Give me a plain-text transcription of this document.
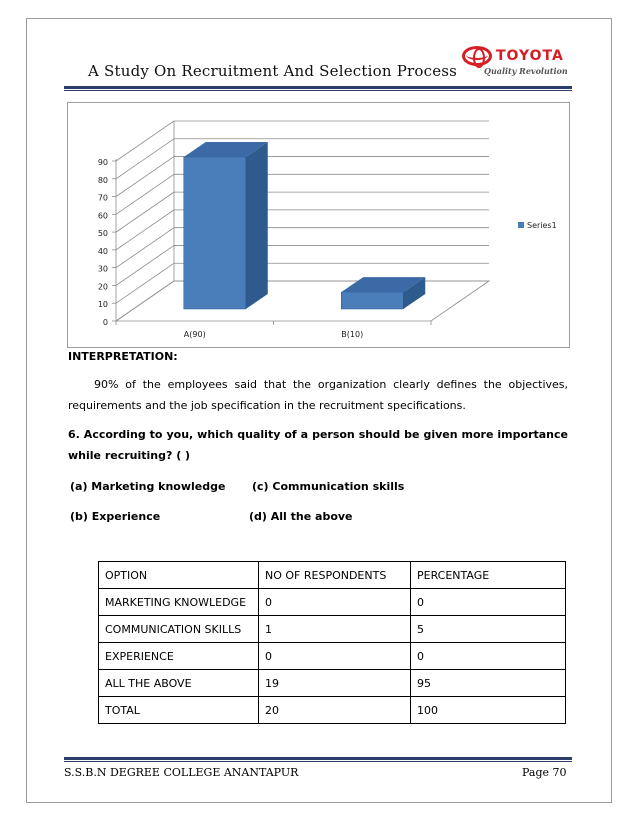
A Study On Recruitment And Selection Process
TOYOTA
Quality Revolution
0
10
20
30
40
50
60
70
80
90
A(90)	B(10)
Series1
INTERPRETATION:
90% of the employees said that the organization clearly defines the objectives, requirements and the job specification in the recruitment specifications.
6. According to you, which quality of a person should be given more importance while recruiting? ( )
(a) Marketing knowledge (c) Communication skills
(b) Experience	(d) All the above
OPTION	NO OF RESPONDENTS	PERCENTAGE
MARKETING KNOWLEDGE	0	0
COMMUNICATION SKILLS	1	5
EXPERIENCE	0	0
ALL THE ABOVE	19	95
TOTAL	20	100
S.S.B.N DEGREE COLLEGE ANANTAPUR	Page 70
